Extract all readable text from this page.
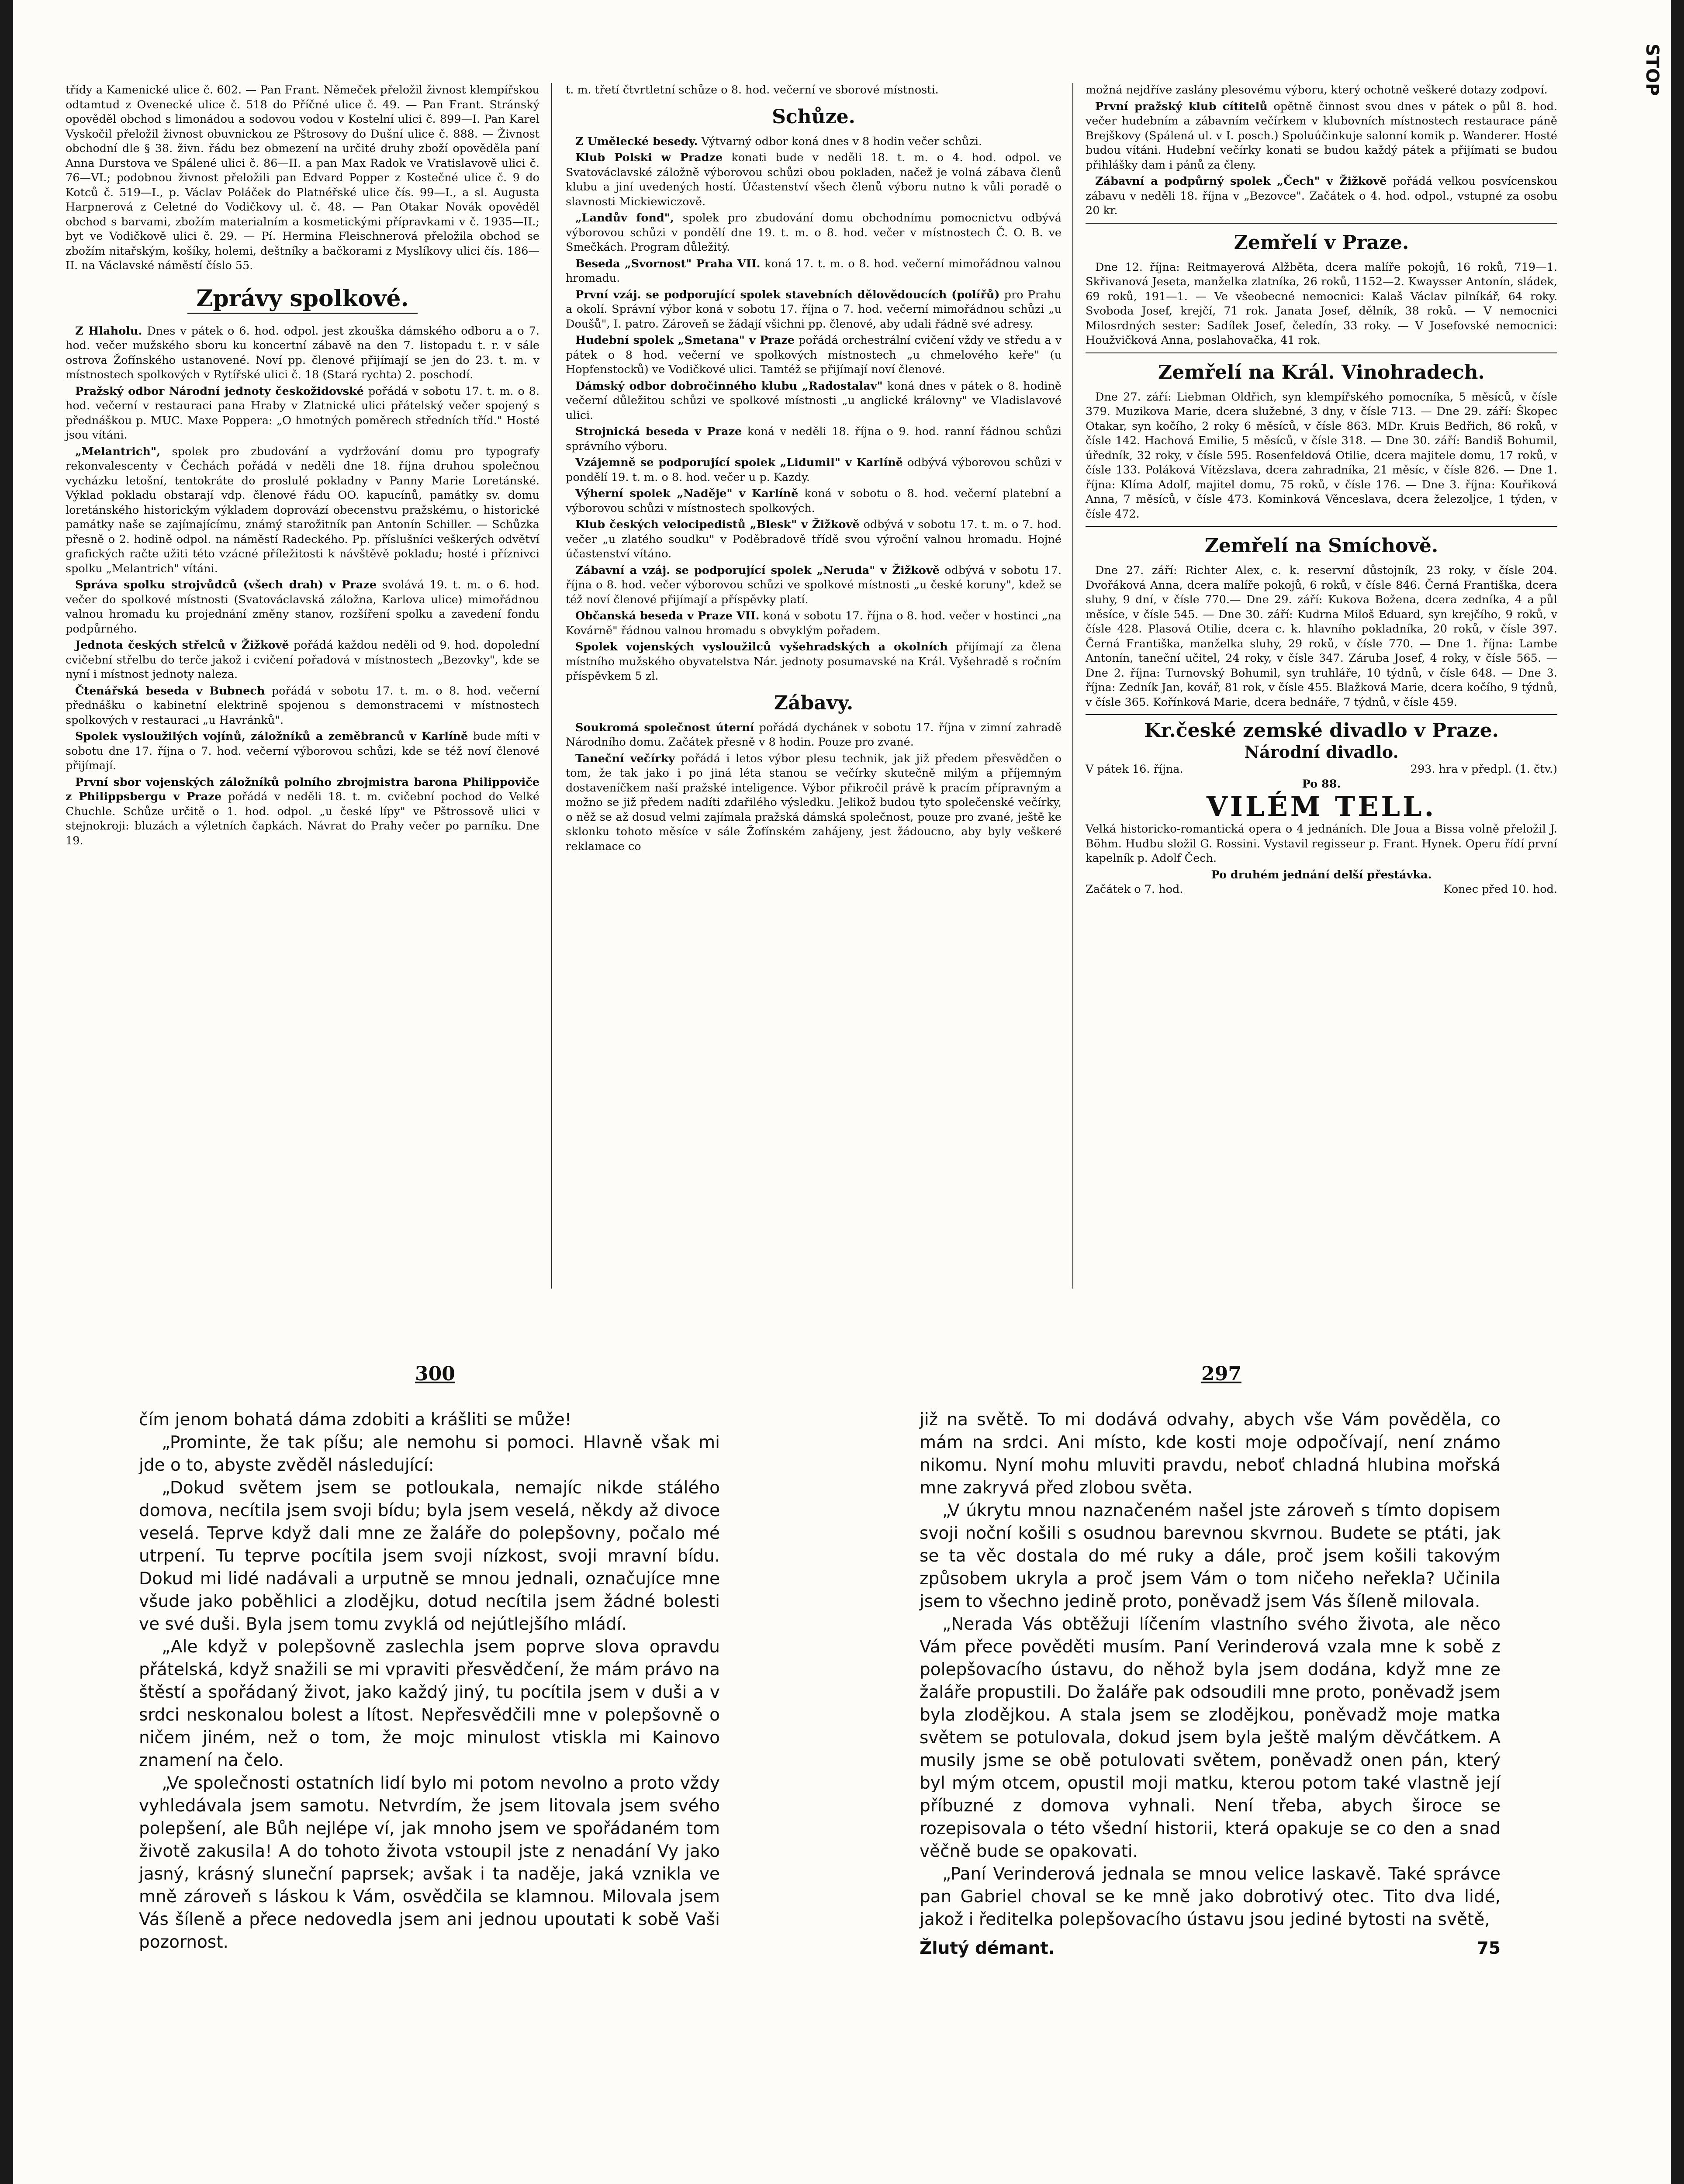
STOP

třídy a Kamenické ulice č. 602. — Pan Frant. Němeček přeložil živnost klempířskou odtamtud z Ovenecké ulice č. 518 do Příčné ulice č. 49. — Pan Frant. Stránský opověděl obchod s limonádou a sodovou vodou v Kostelní ulici č. 899—I. Pan Karel Vyskočil přeložil živnost obuvnickou ze Pštrosovy do Dušní ulice č. 888. — Živnost obchodní dle § 38. živn. řádu bez obmezení na určité druhy zboží opověděla paní Anna Durstova ve Spálené ulici č. 86—II. a pan Max Radok ve Vratislavově ulici č. 76—VI.; podobnou živnost přeložili pan Edvard Popper z Kostečné ulice č. 9 do Kotců č. 519—I., p. Václav Poláček do Platnéřské ulice čís. 99—I., a sl. Augusta Harpnerová z Celetné do Vodičkovy ul. č. 48. — Pan Otakar Novák opověděl obchod s barvami, zbožím materialním a kosmetickými přípravkami v č. 1935—II.; byt ve Vodičkově ulici č. 29. — Pí. Hermina Fleischnerová přeložila obchod se zbožím nitařským, košíky, holemi, deštníky a bačkorami z Myslíkovy ulici čís. 186—II. na Václavské náměstí číslo 55.

Zprávy spolkové.

Z Hlaholu. Dnes v pátek o 6. hod. odpol. jest zkouška dámského odboru a o 7. hod. večer mužského sboru ku koncertní zábavě na den 7. listopadu t. r. v sále ostrova Žofínského ustanovené. Noví pp. členové přijímají se jen do 23. t. m. v místnostech spolkových v Rytířské ulici č. 18 (Stará rychta) 2. poschodí.

Pražský odbor Národní jednoty českožidovské pořádá v sobotu 17. t. m. o 8. hod. večerní v restauraci pana Hraby v Zlatnické ulici přátelský večer spojený s přednáškou p. MUC. Maxe Poppera: „O hmotných poměrech středních tříd." Hosté jsou vítáni.

„Melantrich", spolek pro zbudování a vydržování domu pro typografy rekonvalescenty v Čechách pořádá v neděli dne 18. října druhou společnou vycházku letošní, tentokráte do proslulé pokladny v Panny Marie Loretánské. Výklad pokladu obstarají vdp. členové řádu OO. kapucínů, památky sv. domu loretánského historickým výkladem doprovází obecenstvu pražskému, o historické památky naše se zajímajícímu, známý starožitník pan Antonín Schiller. — Schůzka přesně o 2. hodině odpol. na náměstí Radeckého. Pp. příslušníci veškerých odvětví grafických račte užiti této vzácné příležitosti k návštěvě pokladu; hosté i příznivci spolku „Melantrich" vítáni.

Správa spolku strojvůdců (všech drah) v Praze svolává 19. t. m. o 6. hod. večer do spolkové místnosti (Svatováclavská záložna, Karlova ulice) mimořádnou valnou hromadu ku projednání změny stanov, rozšíření spolku a zavedení fondu podpůrného.

Jednota českých střelců v Žižkově pořádá každou neděli od 9. hod. dopolední cvičební střelbu do terče jakož i cvičení pořadová v místnostech „Bezovky", kde se nyní i místnost jednoty naleza.

Čtenářská beseda v Bubnech pořádá v sobotu 17. t. m. o 8. hod. večerní přednášku o kabinetní elektrině spojenou s demonstracemi v místnostech spolkových v restauraci „u Havránků".

Spolek vysloužilých vojínů, záložníků a zeměbranců v Karlíně bude míti v sobotu dne 17. října o 7. hod. večerní výborovou schůzi, kde se též noví členové přijímají.

První sbor vojenských záložníků polního zbrojmistra barona Philippoviče z Philippsbergu v Praze pořádá v neděli 18. t. m. cvičební pochod do Velké Chuchle. Schůze určitě o 1. hod. odpol. „u české lípy" ve Pštrossově ulici v stejnokroji: bluzách a výletních čapkách. Návrat do Prahy večer po parníku. Dne 19.

t. m. třetí čtvrtletní schůze o 8. hod. večerní ve sborové místnosti.

Schůze.

Z Umělecké besedy. Výtvarný odbor koná dnes v 8 hodin večer schůzi.

Klub Polski w Pradze konati bude v neděli 18. t. m. o 4. hod. odpol. ve Svatováclavské záložně výborovou schůzi obou pokladen, načež je volná zábava členů klubu a jiní uvedených hostí. Účastenství všech členů výboru nutno k vůli poradě o slavnosti Mickiewiczově.

„Landův fond", spolek pro zbudování domu obchodnímu pomocnictvu odbývá výborovou schůzi v pondělí dne 19. t. m. o 8. hod. večer v místnostech Č. O. B. ve Smečkách. Program důležitý.

Beseda „Svornost" Praha VII. koná 17. t. m. o 8. hod. večerní mimořádnou valnou hromadu.

První vzáj. se podporující spolek stavebních dělovědoucích (polířů) pro Prahu a okolí. Správní výbor koná v sobotu 17. října o 7. hod. večerní mimořádnou schůzi „u Doušů", I. patro. Zároveň se žádají všichni pp. členové, aby udali řádně své adresy.

Hudební spolek „Smetana" v Praze pořádá orchestrální cvičení vždy ve středu a v pátek o 8 hod. večerní ve spolkových místnostech „u chmelového keře" (u Hopfenstocků) ve Vodičkové ulici. Tamtéž se přijímají noví členové.

Dámský odbor dobročinného klubu „Radostalav" koná dnes v pátek o 8. hodině večerní důležitou schůzi ve spolkové místnosti „u anglické královny" ve Vladislavové ulici.

Strojnická beseda v Praze koná v neděli 18. října o 9. hod. ranní řádnou schůzi správního výboru.

Vzájemně se podporující spolek „Lidumil" v Karlíně odbývá výborovou schůzi v pondělí 19. t. m. o 8. hod. večer u p. Kazdy.

Výherní spolek „Naděje" v Karlíně koná v sobotu o 8. hod. večerní platební a výborovou schůzi v místnostech spolkových.

Klub českých velocipedistů „Blesk" v Žižkově odbývá v sobotu 17. t. m. o 7. hod. večer „u zlatého soudku" v Poděbradově třídě svou výroční valnou hromadu. Hojné účastenství vítáno.

Zábavní a vzáj. se podporující spolek „Neruda" v Žižkově odbývá v sobotu 17. října o 8. hod. večer výborovou schůzi ve spolkové místnosti „u české koruny", kdež se též noví členové přijímají a příspěvky platí.

Občanská beseda v Praze VII. koná v sobotu 17. října o 8. hod. večer v hostinci „na Kovárně" řádnou valnou hromadu s obvyklým pořadem.

Spolek vojenských vysloužilců vyšehradských a okolních přijímají za člena místního mužského obyvatelstva Nár. jednoty posumavské na Král. Vyšehradě s ročním příspěvkem 5 zl.

Zábavy.

Soukromá společnost úterní pořádá dychánek v sobotu 17. října v zimní zahradě Národního domu. Začátek přesně v 8 hodin. Pouze pro zvané.

Taneční večírky pořádá i letos výbor plesu technik, jak již předem přesvědčen o tom, že tak jako i po jiná léta stanou se večírky skutečně milým a příjemným dostaveníčkem naší pražské inteligence. Výbor přikročil právě k pracím přípravným a možno se již předem nadíti zdařilého výsledku. Jelikož budou tyto společenské večírky, o něž se až dosud velmi zajímala pražská dámská společnost, pouze pro zvané, ještě ke sklonku tohoto měsíce v sále Žofínském zahájeny, jest žádoucno, aby byly veškeré reklamace co

možná nejdříve zaslány plesovému výboru, který ochotně veškeré dotazy zodpoví.

První pražský klub cítitelů opětně činnost svou dnes v pátek o půl 8. hod. večer hudebním a zábavním večírkem v klubovních místnostech restaurace páně Brejškovy (Spálená ul. v I. posch.) Spoluúčinkuje salonní komik p. Wanderer. Hosté budou vítáni. Hudební večírky konati se budou každý pátek a přijímati se budou přihlášky dam i pánů za členy.

Zábavní a podpůrný spolek „Čech" v Žižkově pořádá velkou posvícenskou zábavu v neděli 18. října v „Bezovce". Začátek o 4. hod. odpol., vstupné za osobu 20 kr.

Zemřelí v Praze.

Dne 12. října: Reitmayerová Alžběta, dcera malíře pokojů, 16 roků, 719—1. Skřivanová Jeseta, manželka zlatníka, 26 roků, 1152—2. Kwaysser Antonín, sládek, 69 roků, 191—1. — Ve všeobecné nemocnici: Kalaš Václav pilníkář, 64 roky. Svoboda Josef, krejčí, 71 rok. Janata Josef, dělník, 38 roků. — V nemocnici Milosrdných sester: Sadílek Josef, čeledín, 33 roky. — V Josefovské nemocnici: Houžvičková Anna, poslahovačka, 41 rok.

Zemřelí na Král. Vinohradech.

Dne 27. září: Liebman Oldřich, syn klempířského pomocníka, 5 měsíců, v čísle 379. Muzikova Marie, dcera služebné, 3 dny, v čísle 713. — Dne 29. září: Škopec Otakar, syn kočího, 2 roky 6 měsíců, v čísle 863. MDr. Kruis Bedřich, 86 roků, v čísle 142. Hachová Emilie, 5 měsíců, v čísle 318. — Dne 30. září: Bandiš Bohumil, úředník, 32 roky, v čísle 595. Rosenfeldová Otilie, dcera majitele domu, 17 roků, v čísle 133. Poláková Vítězslava, dcera zahradníka, 21 měsíc, v čísle 826. — Dne 1. října: Klíma Adolf, majitel domu, 75 roků, v čísle 176. — Dne 3. října: Kouřiková Anna, 7 měsíců, v čísle 473. Kominková Věnceslava, dcera železoljce, 1 týden, v čísle 472.

Zemřelí na Smíchově.

Dne 27. září: Richter Alex, c. k. reservní důstojník, 23 roky, v čísle 204. Dvořáková Anna, dcera malíře pokojů, 6 roků, v čísle 846. Černá Františka, dcera sluhy, 9 dní, v čísle 770.— Dne 29. září: Kukova Božena, dcera zedníka, 4 a půl měsíce, v čísle 545. — Dne 30. září: Kudrna Miloš Eduard, syn krejčího, 9 roků, v čísle 428. Plasová Otilie, dcera c. k. hlavního pokladníka, 20 roků, v čísle 397. Černá Františka, manželka sluhy, 29 roků, v čísle 770. — Dne 1. října: Lambe Antonín, taneční učitel, 24 roky, v čísle 347. Záruba Josef, 4 roky, v čísle 565. — Dne 2. října: Turnovský Bohumil, syn truhláře, 10 týdnů, v čísle 648. — Dne 3. října: Zedník Jan, kovář, 81 rok, v čísle 455. Blažková Marie, dcera kočího, 9 týdnů, v čísle 365. Kořínková Marie, dcera bednáře, 7 týdnů, v čísle 459.

Kr.české zemské divadlo v Praze.
Národní divadlo.
V pátek 16. října.	293. hra v předpl. (1. čtv.)
Po 88.
VILÉM TELL.

Velká historicko-romantická opera o 4 jednáních. Dle Joua a Bissa volně přeložil J. Böhm. Hudbu složil G. Rossini. Vystavil regisseur p. Frant. Hynek. Operu řídí první kapelník p. Adolf Čech.

Po druhém jednání delší přestávka.
Začátek o 7. hod.	Konec před 10. hod.
300	297

čím jenom bohatá dáma zdobiti a krášliti se může!

„Prominte, že tak píšu; ale nemohu si pomoci. Hlavně však mi jde o to, abyste zvěděl následující:

„Dokud světem jsem se potloukala, nemajíc nikde stálého domova, necítila jsem svoji bídu; byla jsem veselá, někdy až divoce veselá. Teprve když dali mne ze žaláře do polepšovny, počalo mé utrpení. Tu teprve pocítila jsem svoji nízkost, svoji mravní bídu. Dokud mi lidé nadávali a urputně se mnou jednali, označujíce mne všude jako poběhlici a zlodějku, dotud necítila jsem žádné bolesti ve své duši. Byla jsem tomu zvyklá od nejútlejšího mládí.

„Ale když v polepšovně zaslechla jsem poprve slova opravdu přátelská, když snažili se mi vpraviti přesvědčení, že mám právo na štěstí a spořádaný život, jako každý jiný, tu pocítila jsem v duši a v srdci neskonalou bolest a lítost. Nepřesvědčili mne v polepšovně o ničem jiném, než o tom, že mojc minulost vtiskla mi Kainovo znamení na čelo.

„Ve společnosti ostatních lidí bylo mi potom nevolno a proto vždy vyhledávala jsem samotu. Netvrdím, že jsem litovala jsem svého polepšení, ale Bůh nejlépe ví, jak mnoho jsem ve spořádaném tom životě zakusila! A do tohoto života vstoupil jste z nenadání Vy jako jasný, krásný sluneční paprsek; avšak i ta naděje, jaká vznikla ve mně zároveň s láskou k Vám, osvědčila se klamnou. Milovala jsem Vás šíleně a přece nedovedla jsem ani jednou upoutati k sobě Vaši pozornost.

již na světě. To mi dodává odvahy, abych vše Vám pověděla, co mám na srdci. Ani místo, kde kosti moje odpočívají, není známo nikomu. Nyní mohu mluviti pravdu, neboť chladná hlubina mořská mne zakryvá před zlobou světa.

„V úkrytu mnou naznačeném našel jste zároveň s tímto dopisem svoji noční košili s osudnou barevnou skvrnou. Budete se ptáti, jak se ta věc dostala do mé ruky a dále, proč jsem košili takovým způsobem ukryla a proč jsem Vám o tom ničeho neřekla? Učinila jsem to všechno jedině proto, poněvadž jsem Vás šíleně milovala.

„Nerada Vás obtěžuji líčením vlastního svého života, ale něco Vám přece pověděti musím. Paní Verinderová vzala mne k sobě z polepšovacího ústavu, do něhož byla jsem dodána, když mne ze žaláře propustili. Do žaláře pak odsoudili mne proto, poněvadž jsem byla zlodějkou. A stala jsem se zlodějkou, poněvadž moje matka světem se potulovala, dokud jsem byla ještě malým děvčátkem. A musily jsme se obě potulovati světem, poněvadž onen pán, který byl mým otcem, opustil moji matku, kterou potom také vlastně její příbuzné z domova vyhnali. Není třeba, abych široce se rozepisovala o této všední historii, která opakuje se co den a snad věčně bude se opakovati.

„Paní Verinderová jednala se mnou velice laskavě. Také správce pan Gabriel choval se ke mně jako dobrotivý otec. Tito dva lidé, jakož i ředitelka polepšovacího ústavu jsou jediné bytosti na světě,

Žlutý démant.	75
